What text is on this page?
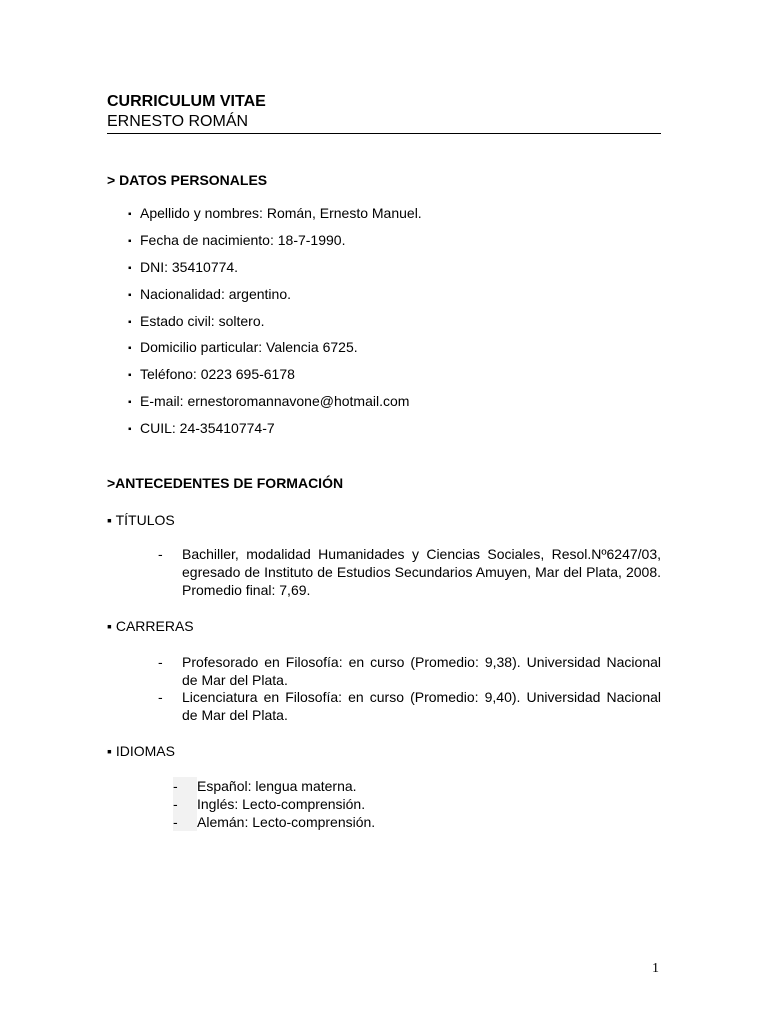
CURRICULUM VITAE
ERNESTO ROMÁN
> DATOS PERSONALES
▪ Apellido y nombres: Román, Ernesto Manuel.
▪ Fecha de nacimiento: 18-7-1990.
▪ DNI: 35410774.
▪ Nacionalidad: argentino.
▪ Estado civil: soltero.
▪ Domicilio particular: Valencia 6725.
▪ Teléfono: 0223 695-6178
▪ E-mail: ernestoromannavone@hotmail.com
▪ CUIL: 24-35410774-7
>ANTECEDENTES DE FORMACIÓN
▪ TÍTULOS
- Bachiller, modalidad Humanidades y Ciencias Sociales, Resol.Nº6247/03, egresado de Instituto de Estudios Secundarios Amuyen, Mar del Plata, 2008. Promedio final: 7,69.
▪ CARRERAS
- Profesorado en Filosofía: en curso (Promedio: 9,38). Universidad Nacional de Mar del Plata.
- Licenciatura en Filosofía: en curso (Promedio: 9,40). Universidad Nacional de Mar del Plata.
▪ IDIOMAS
- Español: lengua materna.
- Inglés: Lecto-comprensión.
- Alemán: Lecto-comprensión.
1
